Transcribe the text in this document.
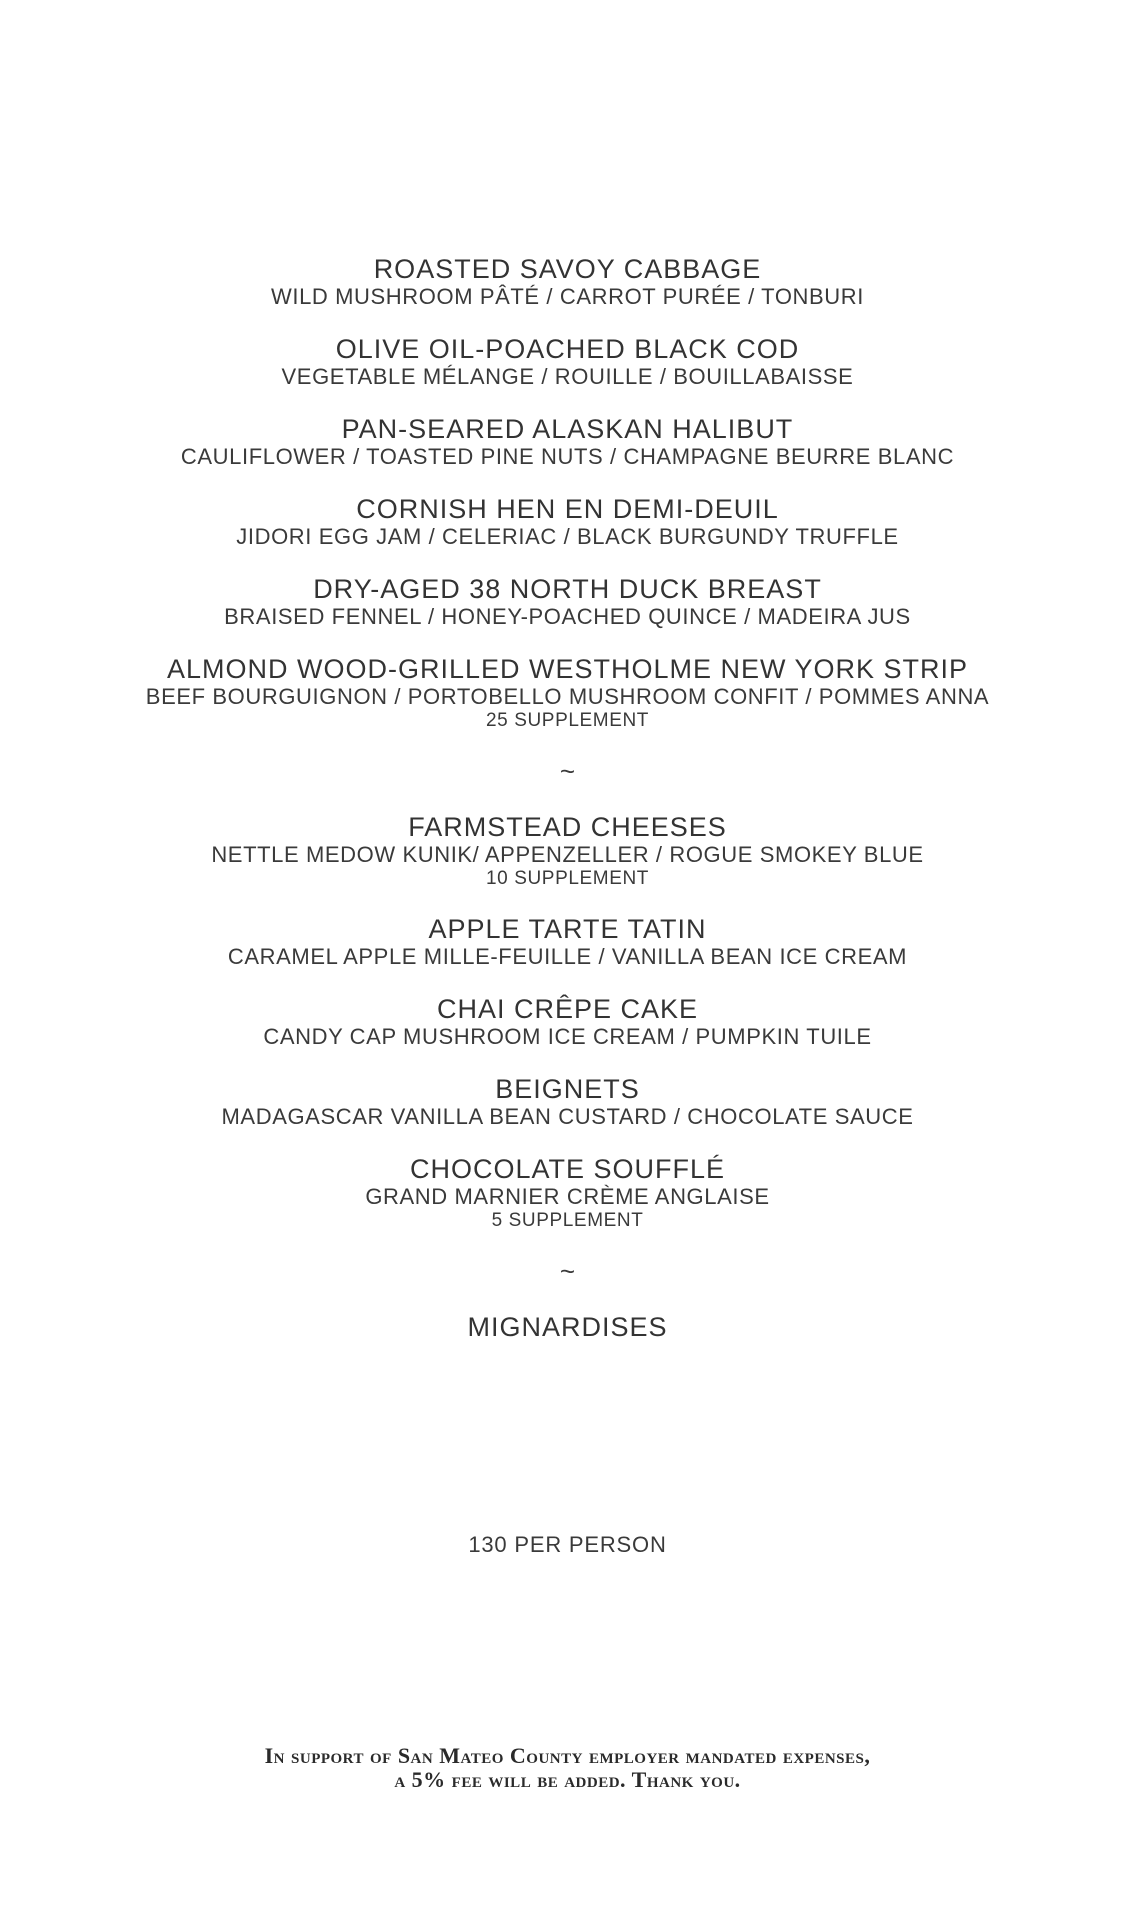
ROASTED SAVOY CABBAGE
WILD MUSHROOM PÂTÉ / CARROT PURÉE / TONBURI
OLIVE OIL-POACHED BLACK COD
VEGETABLE MÉLANGE / ROUILLE / BOUILLABAISSE
PAN-SEARED ALASKAN HALIBUT
CAULIFLOWER / TOASTED PINE NUTS / CHAMPAGNE BEURRE BLANC
CORNISH HEN EN DEMI-DEUIL
JIDORI EGG JAM / CELERIAC / BLACK BURGUNDY TRUFFLE
DRY-AGED 38 NORTH DUCK BREAST
BRAISED FENNEL / HONEY-POACHED QUINCE / MADEIRA JUS
ALMOND WOOD-GRILLED WESTHOLME NEW YORK STRIP
BEEF BOURGUIGNON / PORTOBELLO MUSHROOM CONFIT / POMMES ANNA
25 SUPPLEMENT
~
FARMSTEAD CHEESES
NETTLE MEDOW KUNIK/ APPENZELLER / ROGUE SMOKEY BLUE
10 SUPPLEMENT
APPLE TARTE TATIN
CARAMEL APPLE MILLE-FEUILLE / VANILLA BEAN ICE CREAM
CHAI CRÊPE CAKE
CANDY CAP MUSHROOM ICE CREAM / PUMPKIN TUILE
BEIGNETS
MADAGASCAR VANILLA BEAN CUSTARD / CHOCOLATE SAUCE
CHOCOLATE SOUFFLÉ
GRAND MARNIER CRÈME ANGLAISE
5 SUPPLEMENT
~
MIGNARDISES
130 PER PERSON
In support of San Mateo County employer mandated expenses,
a 5% fee will be added. Thank you.
